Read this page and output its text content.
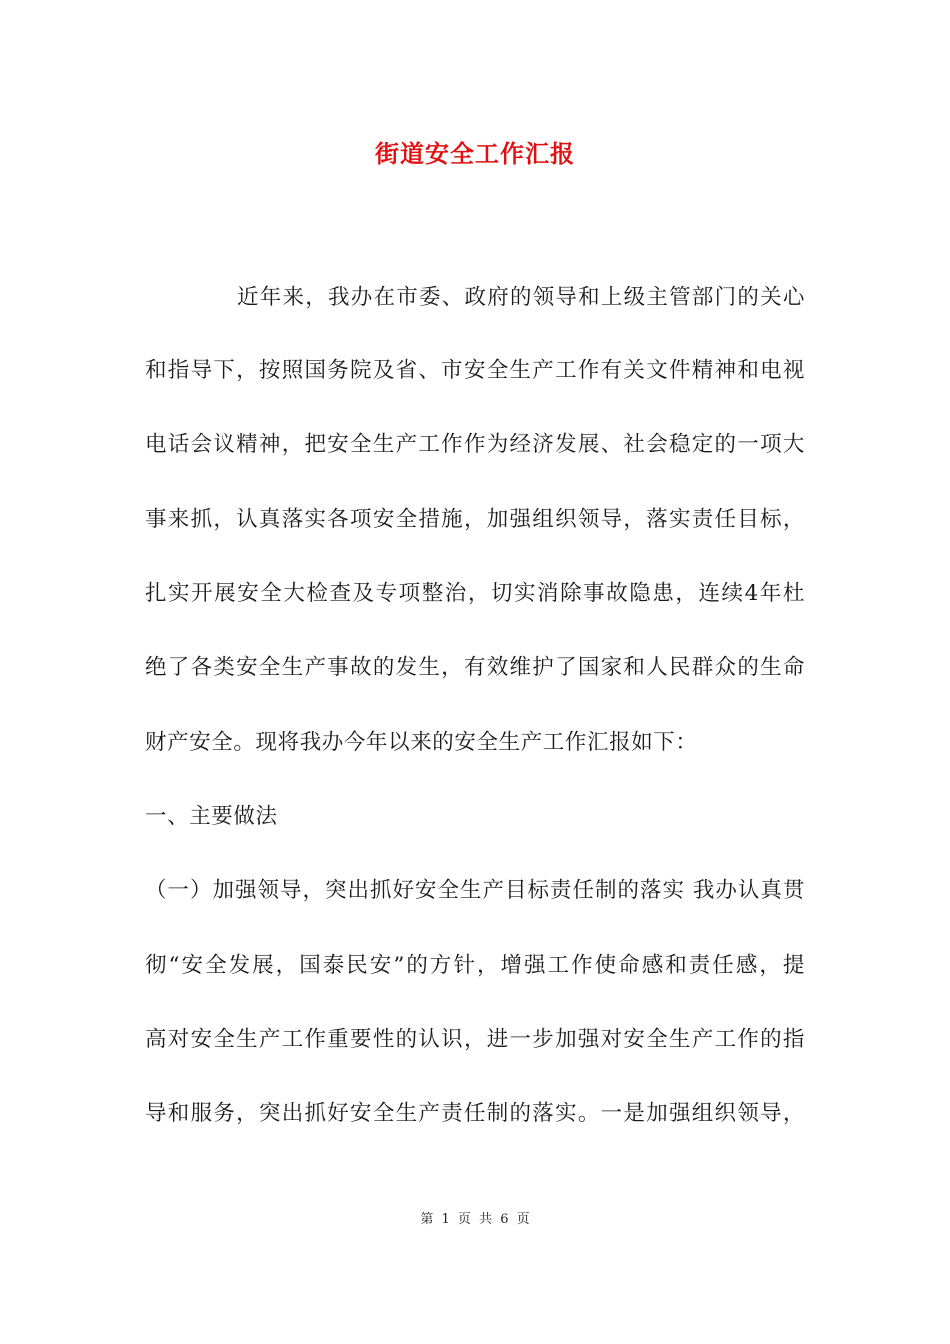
街道安全工作汇报
近年来，我办在市委、政府的领导和上级主管部门的关心
和指导下，按照国务院及省、市安全生产工作有关文件精神和电视
电话会议精神，把安全生产工作作为经济发展、社会稳定的一项大
事来抓，认真落实各项安全措施，加强组织领导，落实责任目标，
扎实开展安全大检查及专项整治，切实消除事故隐患，连续4年杜
绝了各类安全生产事故的发生，有效维护了国家和人民群众的生命
财产安全。现将我办今年以来的安全生产工作汇报如下：
一、主要做法
（一）加强领导，突出抓好安全生产目标责任制的落实 我办认真贯
彻“安全发展，国泰民安”的方针，增强工作使命感和责任感，提
高对安全生产工作重要性的认识，进一步加强对安全生产工作的指
导和服务，突出抓好安全生产责任制的落实。一是加强组织领导，
第 1 页 共 6 页
